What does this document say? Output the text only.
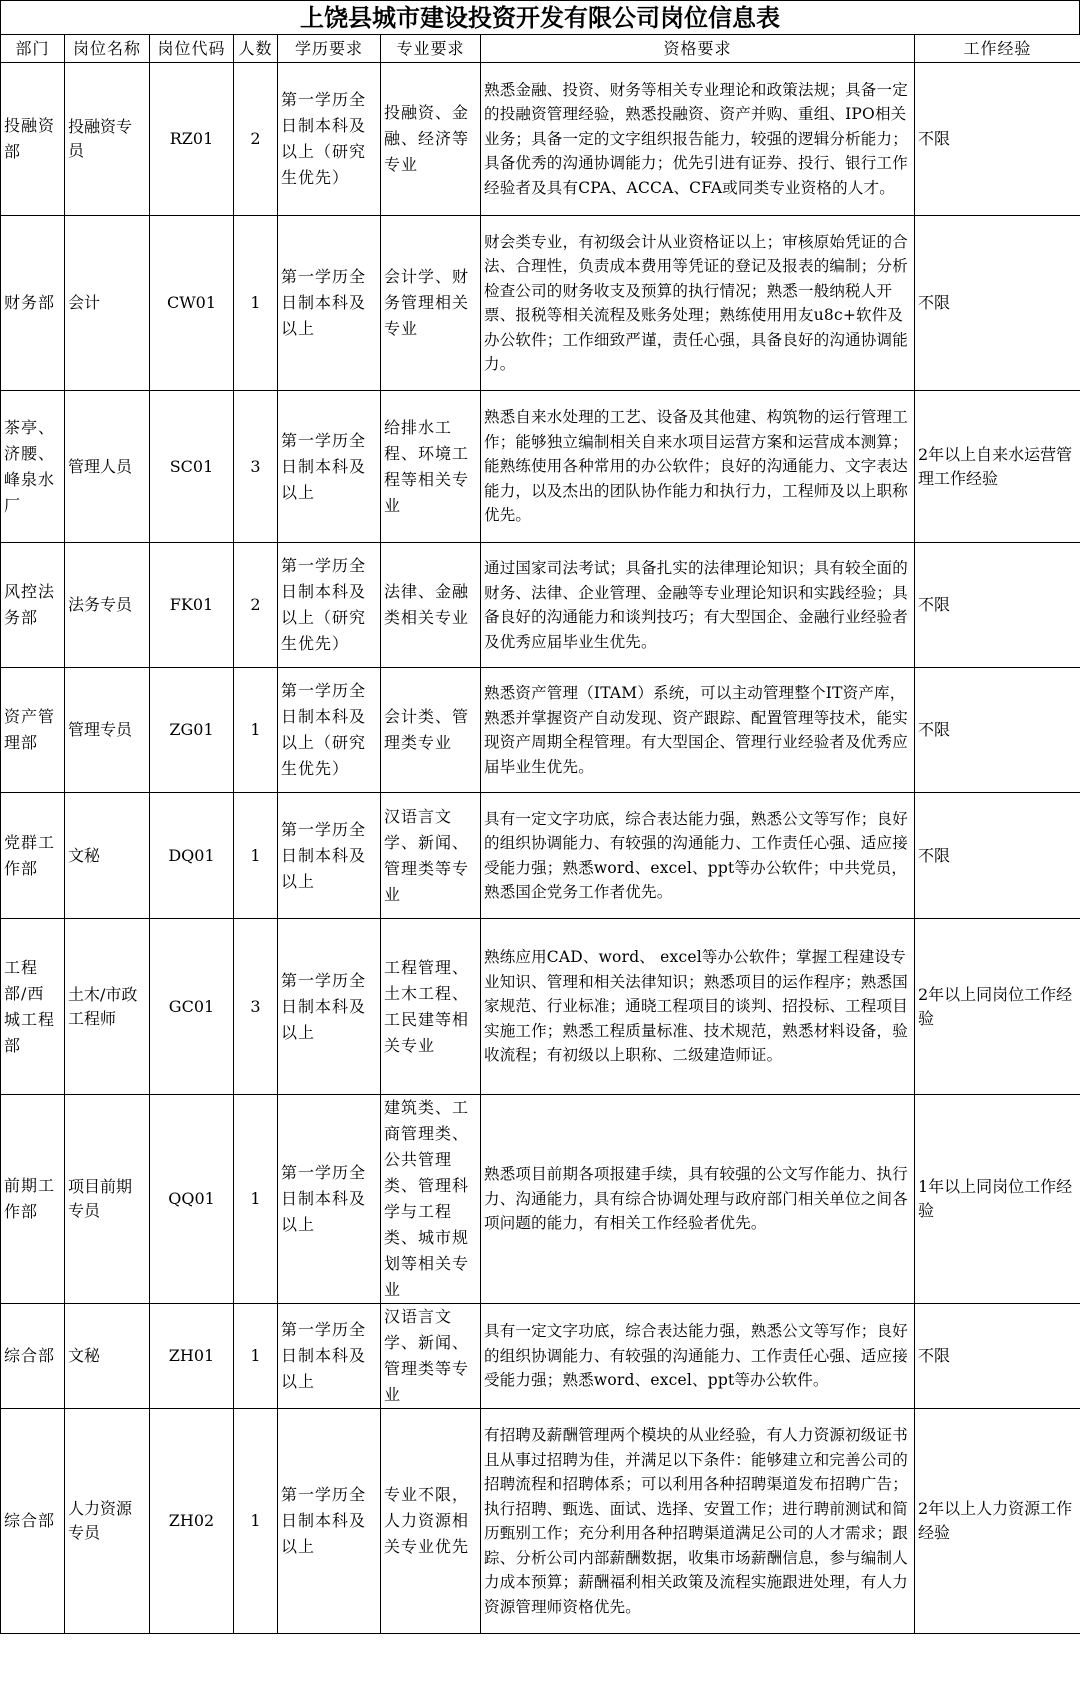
上饶县城市建设投资开发有限公司岗位信息表
部门	岗位名称	岗位代码	人数	学历要求	专业要求	资格要求	工作经验
投融资部	投融资专员	RZ01	2	第一学历全日制本科及以上（研究生优先）	投融资、金融、经济等专业	熟悉金融、投资、财务等相关专业理论和政策法规；具备一定的投融资管理经验，熟悉投融资、资产并购、重组、IPO相关业务；具备一定的文字组织报告能力，较强的逻辑分析能力；具备优秀的沟通协调能力；优先引进有证券、投行、银行工作经验者及具有CPA、ACCA、CFA或同类专业资格的人才。	不限
财务部	会计	CW01	1	第一学历全日制本科及以上	会计学、财务管理相关专业	财会类专业，有初级会计从业资格证以上；审核原始凭证的合法、合理性，负责成本费用等凭证的登记及报表的编制；分析检查公司的财务收支及预算的执行情况；熟悉一般纳税人开票、报税等相关流程及账务处理；熟练使用用友u8c+软件及办公软件；工作细致严谨，责任心强，具备良好的沟通协调能力。	不限
茶亭、济腰、峰泉水厂	管理人员	SC01	3	第一学历全日制本科及以上	给排水工程、环境工程等相关专业	熟悉自来水处理的工艺、设备及其他建、构筑物的运行管理工作；能够独立编制相关自来水项目运营方案和运营成本测算；能熟练使用各种常用的办公软件；良好的沟通能力、文字表达能力，以及杰出的团队协作能力和执行力，工程师及以上职称优先。	2年以上自来水运营管理工作经验
风控法务部	法务专员	FK01	2	第一学历全日制本科及以上（研究生优先）	法律、金融类相关专业	通过国家司法考试；具备扎实的法律理论知识；具有较全面的财务、法律、企业管理、金融等专业理论知识和实践经验；具备良好的沟通能力和谈判技巧；有大型国企、金融行业经验者及优秀应届毕业生优先。	不限
资产管理部	管理专员	ZG01	1	第一学历全日制本科及以上（研究生优先）	会计类、管理类专业	熟悉资产管理（ITAM）系统，可以主动管理整个IT资产库，熟悉并掌握资产自动发现、资产跟踪、配置管理等技术，能实现资产周期全程管理。有大型国企、管理行业经验者及优秀应届毕业生优先。	不限
党群工作部	文秘	DQ01	1	第一学历全日制本科及以上	汉语言文学、新闻、管理类等专业	具有一定文字功底，综合表达能力强，熟悉公文等写作；良好的组织协调能力、有较强的沟通能力、工作责任心强、适应接受能力强；熟悉word、excel、ppt等办公软件；中共党员，熟悉国企党务工作者优先。	不限
工程部/西城工程部	土木/市政工程师	GC01	3	第一学历全日制本科及以上	工程管理、土木工程、工民建等相关专业	熟练应用CAD、word、 excel等办公软件；掌握工程建设专业知识、管理和相关法律知识；熟悉项目的运作程序；熟悉国家规范、行业标准；通晓工程项目的谈判、招投标、工程项目实施工作；熟悉工程质量标准、技术规范，熟悉材料设备，验收流程；有初级以上职称、二级建造师证。	2年以上同岗位工作经验
前期工作部	项目前期专员	QQ01	1	第一学历全日制本科及以上	建筑类、工商管理类、公共管理类、管理科学与工程类、城市规划等相关专业	熟悉项目前期各项报建手续，具有较强的公文写作能力、执行力、沟通能力，具有综合协调处理与政府部门相关单位之间各项问题的能力，有相关工作经验者优先。	1年以上同岗位工作经验
综合部	文秘	ZH01	1	第一学历全日制本科及以上	汉语言文学、新闻、管理类等专业	具有一定文字功底，综合表达能力强，熟悉公文等写作；良好的组织协调能力、有较强的沟通能力、工作责任心强、适应接受能力强；熟悉word、excel、ppt等办公软件。	不限
综合部	人力资源专员	ZH02	1	第一学历全日制本科及以上	专业不限，人力资源相关专业优先	有招聘及薪酬管理两个模块的从业经验，有人力资源初级证书且从事过招聘为佳，并满足以下条件：能够建立和完善公司的招聘流程和招聘体系；可以利用各种招聘渠道发布招聘广告；执行招聘、甄选、面试、选择、安置工作；进行聘前测试和简历甄别工作；充分利用各种招聘渠道满足公司的人才需求；跟踪、分析公司内部薪酬数据，收集市场薪酬信息，参与编制人力成本预算；薪酬福利相关政策及流程实施跟进处理，有人力资源管理师资格优先。	2年以上人力资源工作经验
